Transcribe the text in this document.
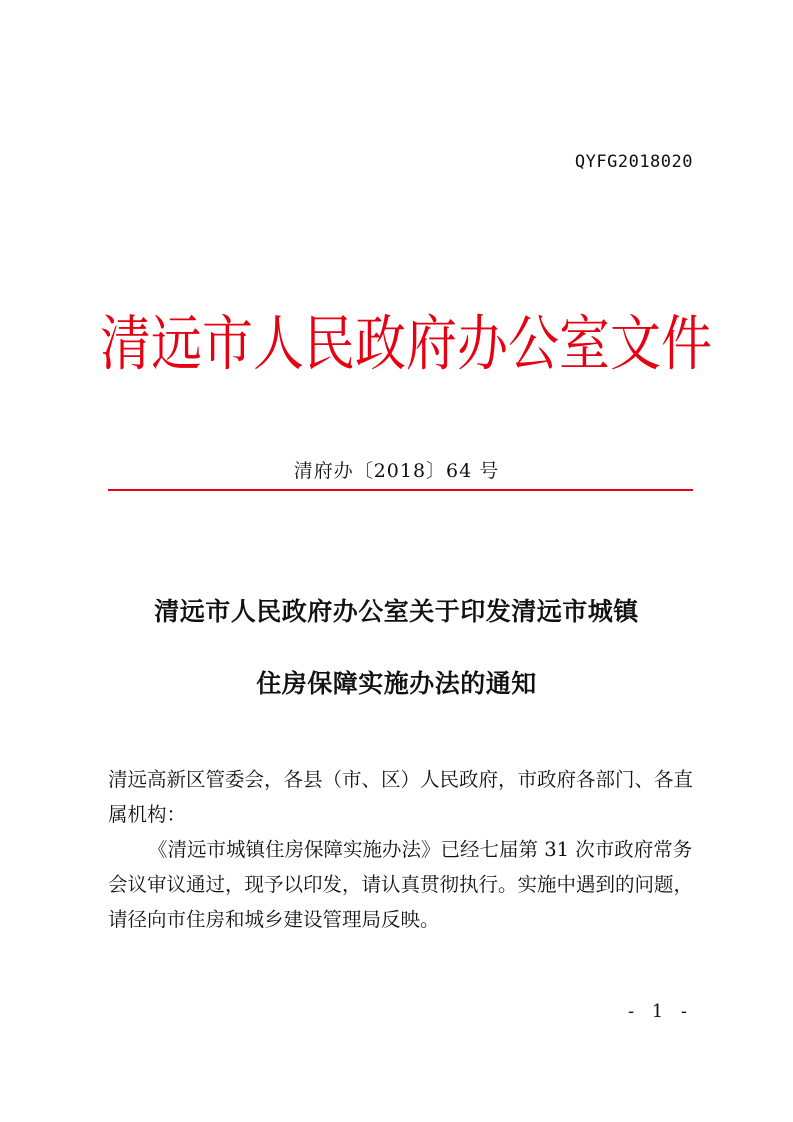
QYFG2018020
清远市人民政府办公室文件
清府办〔2018〕64 号
清远市人民政府办公室关于印发清远市城镇
住房保障实施办法的通知

清远高新区管委会，各县（市、区）人民政府，市政府各部门、各直属机构：

《清远市城镇住房保障实施办法》已经七届第 31 次市政府常务会议审议通过，现予以印发，请认真贯彻执行。实施中遇到的问题，请径向市住房和城乡建设管理局反映。

- 1 -
